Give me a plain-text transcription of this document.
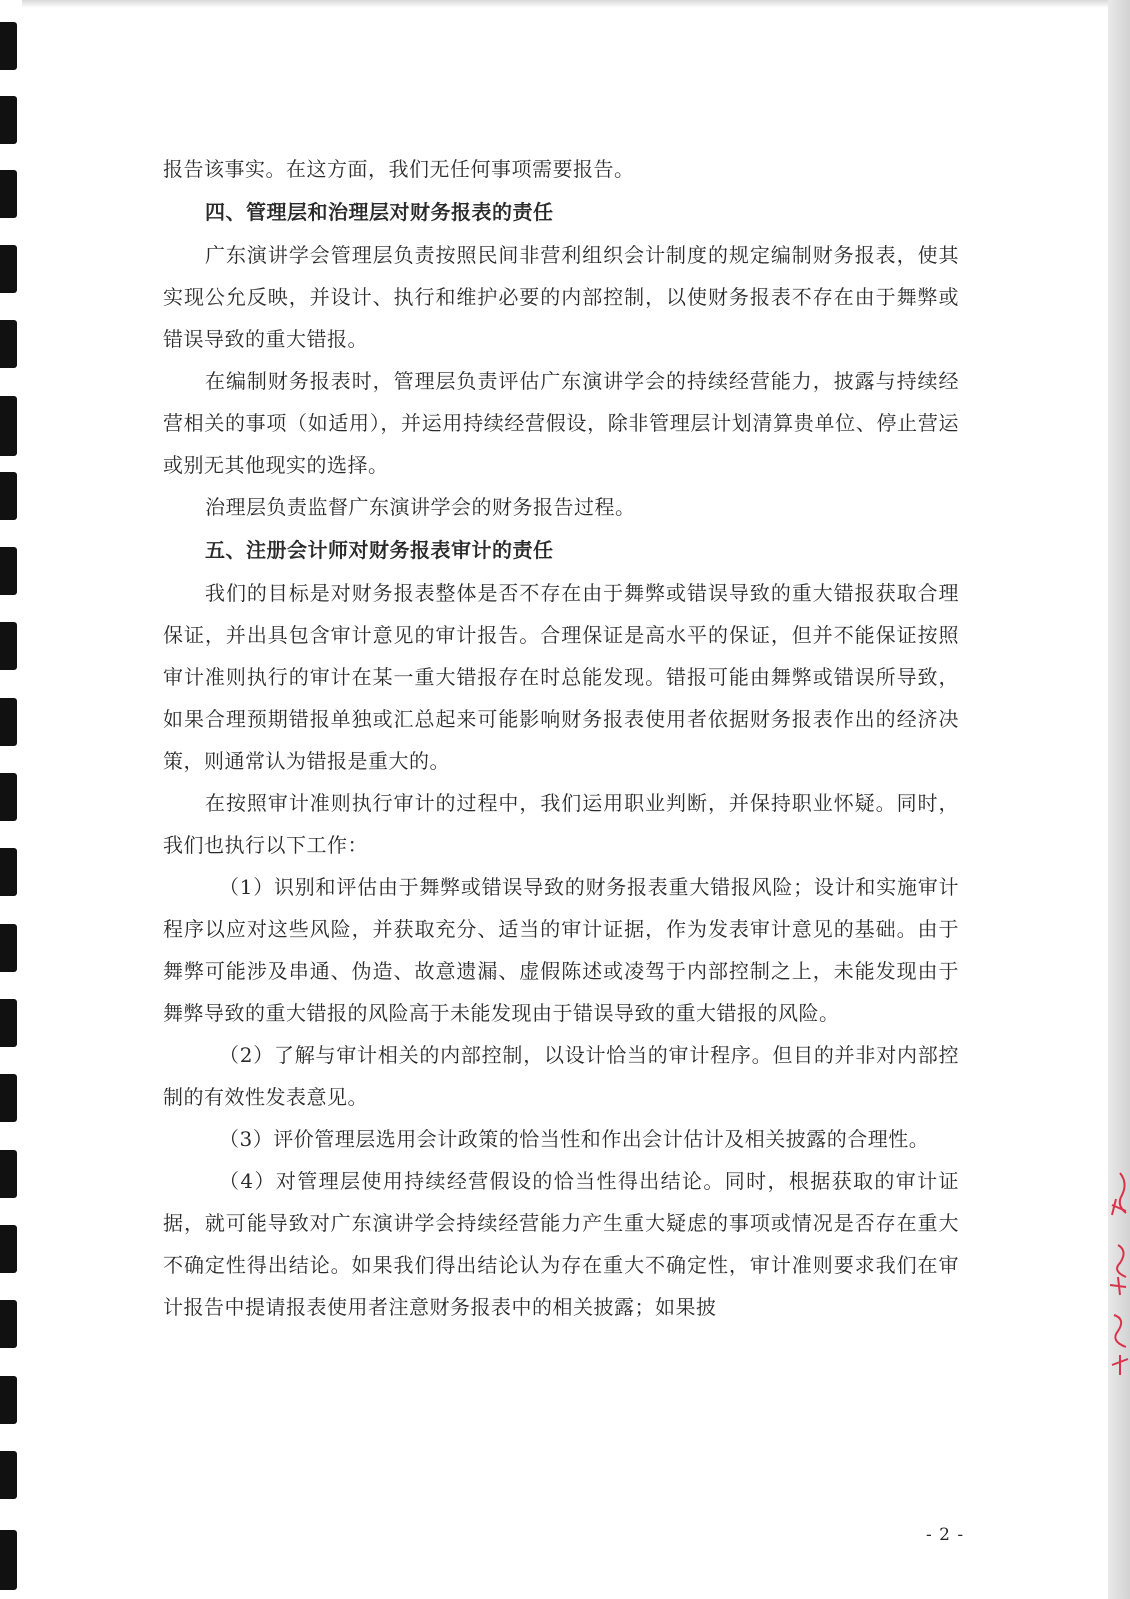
报告该事实。在这方面，我们无任何事项需要报告。

四、管理层和治理层对财务报表的责任

广东演讲学会管理层负责按照民间非营利组织会计制度的规定编制财务报表，使其实现公允反映，并设计、执行和维护必要的内部控制，以使财务报表不存在由于舞弊或错误导致的重大错报。

在编制财务报表时，管理层负责评估广东演讲学会的持续经营能力，披露与持续经营相关的事项（如适用），并运用持续经营假设，除非管理层计划清算贵单位、停止营运或别无其他现实的选择。

治理层负责监督广东演讲学会的财务报告过程。

五、注册会计师对财务报表审计的责任

我们的目标是对财务报表整体是否不存在由于舞弊或错误导致的重大错报获取合理保证，并出具包含审计意见的审计报告。合理保证是高水平的保证，但并不能保证按照审计准则执行的审计在某一重大错报存在时总能发现。错报可能由舞弊或错误所导致，如果合理预期错报单独或汇总起来可能影响财务报表使用者依据财务报表作出的经济决策，则通常认为错报是重大的。

在按照审计准则执行审计的过程中，我们运用职业判断，并保持职业怀疑。同时，我们也执行以下工作：

（1）识别和评估由于舞弊或错误导致的财务报表重大错报风险；设计和实施审计程序以应对这些风险，并获取充分、适当的审计证据，作为发表审计意见的基础。由于舞弊可能涉及串通、伪造、故意遗漏、虚假陈述或凌驾于内部控制之上，未能发现由于舞弊导致的重大错报的风险高于未能发现由于错误导致的重大错报的风险。

（2）了解与审计相关的内部控制，以设计恰当的审计程序。但目的并非对内部控制的有效性发表意见。

（3）评价管理层选用会计政策的恰当性和作出会计估计及相关披露的合理性。

（4）对管理层使用持续经营假设的恰当性得出结论。同时，根据获取的审计证据，就可能导致对广东演讲学会持续经营能力产生重大疑虑的事项或情况是否存在重大不确定性得出结论。如果我们得出结论认为存在重大不确定性，审计准则要求我们在审计报告中提请报表使用者注意财务报表中的相关披露；如果披

- 2 -
